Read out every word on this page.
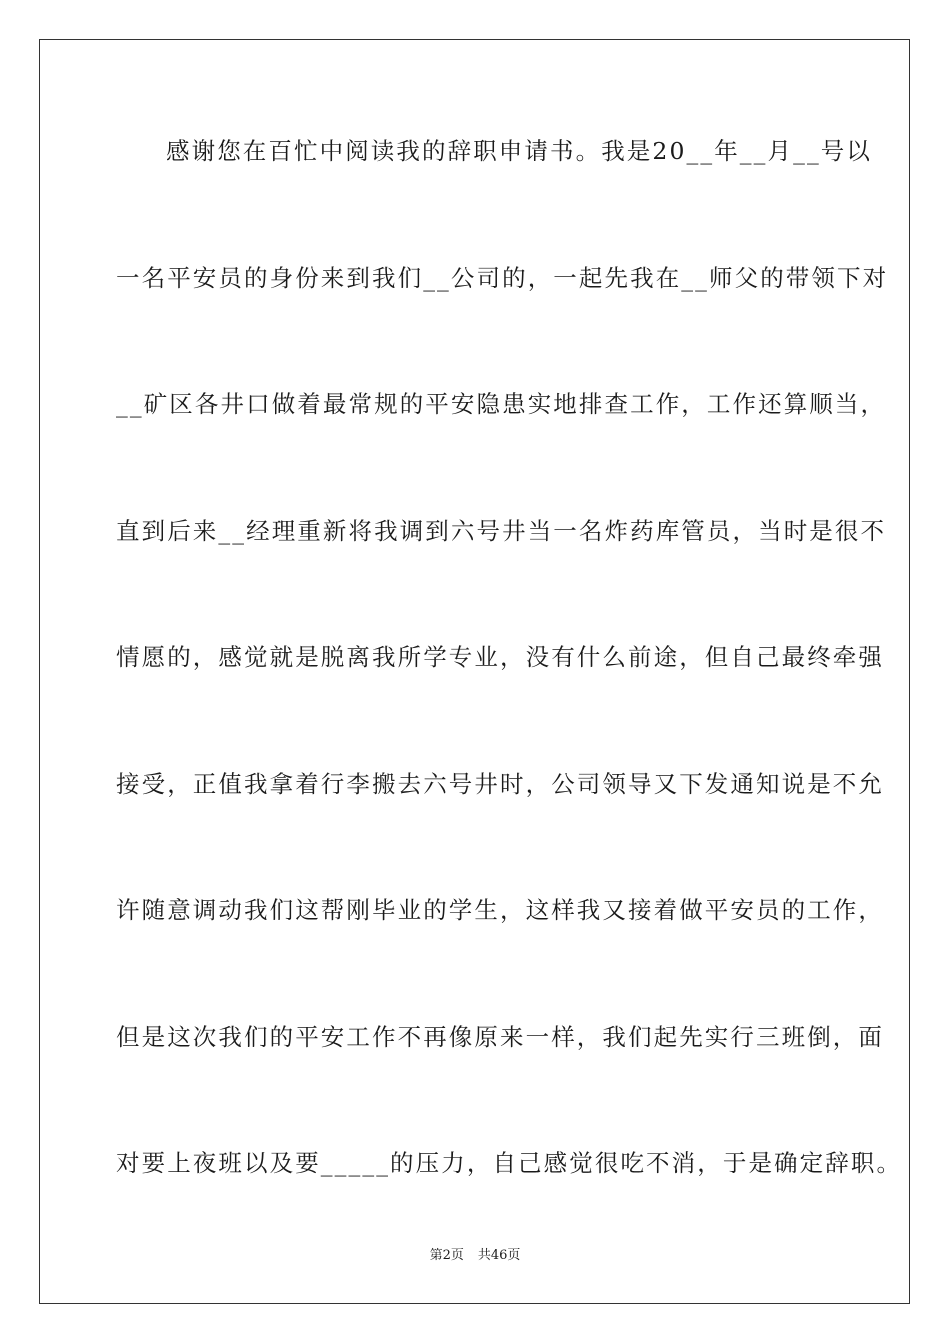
感谢您在百忙中阅读我的辞职申请书。我是20__年__月__号以
一名平安员的身份来到我们__公司的，一起先我在__师父的带领下对
__矿区各井口做着最常规的平安隐患实地排查工作，工作还算顺当，
直到后来__经理重新将我调到六号井当一名炸药库管员，当时是很不
情愿的，感觉就是脱离我所学专业，没有什么前途，但自己最终牵强
接受，正值我拿着行李搬去六号井时，公司领导又下发通知说是不允
许随意调动我们这帮刚毕业的学生，这样我又接着做平安员的工作，
但是这次我们的平安工作不再像原来一样，我们起先实行三班倒，面
对要上夜班以及要_____的压力，自己感觉很吃不消，于是确定辞职。
第2页 共46页
